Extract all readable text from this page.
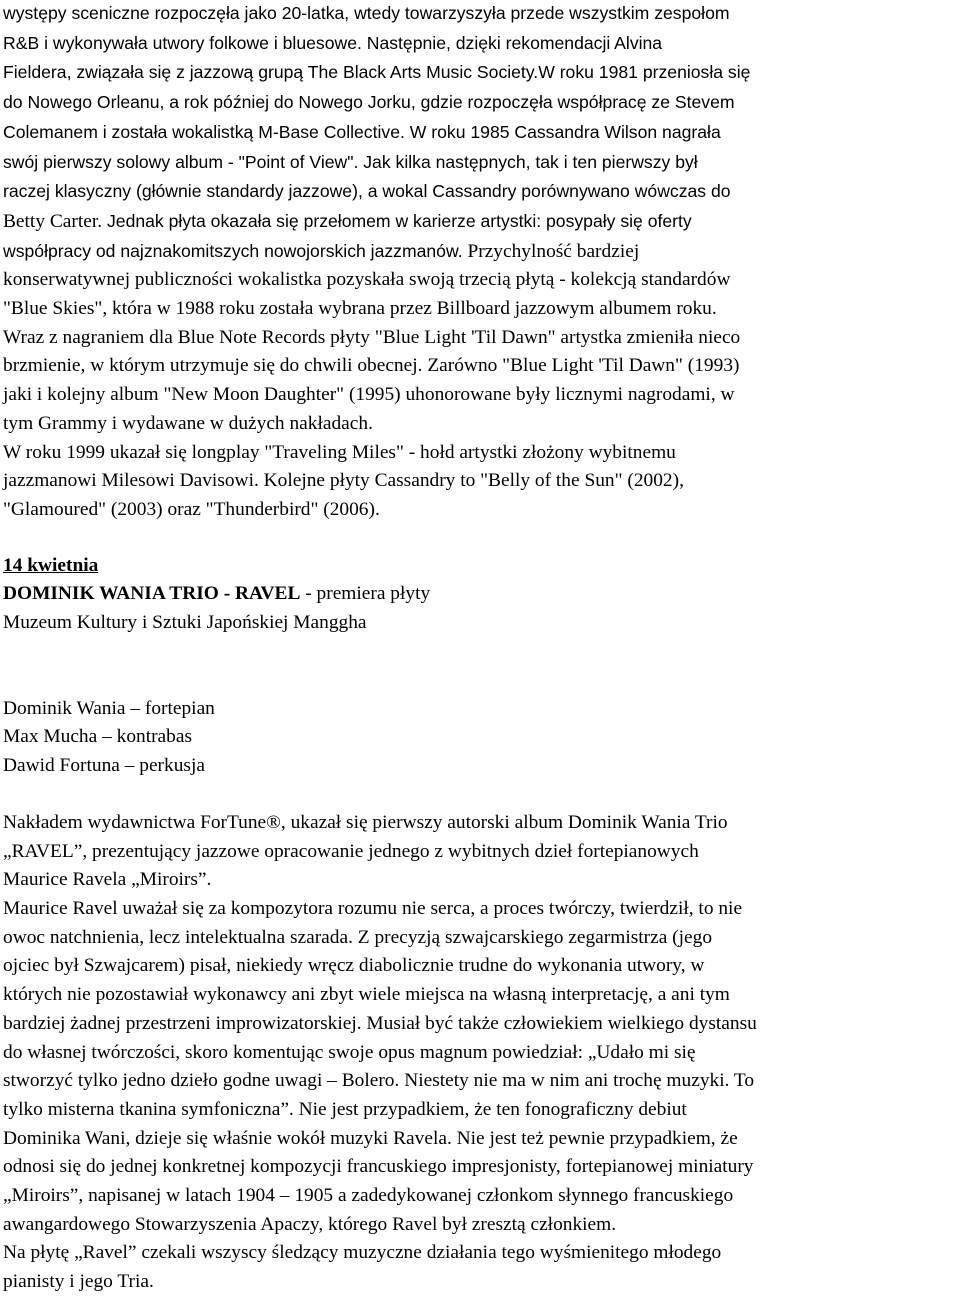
występy sceniczne rozpoczęła jako 20-latka, wtedy towarzyszyła przede wszystkim zespołom

R&B i wykonywała utwory folkowe i bluesowe. Następnie, dzięki rekomendacji Alvina

Fieldera, związała się z jazzową grupą The Black Arts Music Society.W roku 1981 przeniosła się

do Nowego Orleanu, a rok później do Nowego Jorku, gdzie rozpoczęła współpracę ze Stevem

Colemanem i została wokalistką M-Base Collective. W roku 1985 Cassandra Wilson nagrała

swój pierwszy solowy album - "Point of View". Jak kilka następnych, tak i ten pierwszy był

raczej klasyczny (głównie standardy jazzowe), a wokal Cassandry porównywano wówczas do

Betty Carter. Jednak płyta okazała się przełomem w karierze artystki: posypały się oferty

współpracy od najznakomitszych nowojorskich jazzmanów. Przychylność bardziej

konserwatywnej publiczności wokalistka pozyskała swoją trzecią płytą - kolekcją standardów

"Blue Skies", która w 1988 roku została wybrana przez Billboard jazzowym albumem roku.

Wraz z nagraniem dla Blue Note Records płyty "Blue Light 'Til Dawn" artystka zmieniła nieco

brzmienie, w którym utrzymuje się do chwili obecnej. Zarówno "Blue Light 'Til Dawn" (1993)

jaki i kolejny album "New Moon Daughter" (1995) uhonorowane były licznymi nagrodami, w

tym Grammy i wydawane w dużych nakładach.

W roku 1999 ukazał się longplay "Traveling Miles" - hołd artystki złożony wybitnemu

jazzmanowi Milesowi Davisowi. Kolejne płyty Cassandry to "Belly of the Sun" (2002),

"Glamoured" (2003) oraz "Thunderbird" (2006).

14 kwietnia

DOMINIK WANIA TRIO - RAVEL - premiera płyty

Muzeum Kultury i Sztuki Japońskiej Manggha

Dominik Wania – fortepian

Max Mucha – kontrabas

Dawid Fortuna – perkusja

Nakładem wydawnictwa ForTune®, ukazał się pierwszy autorski album Dominik Wania Trio

„RAVEL”, prezentujący jazzowe opracowanie jednego z wybitnych dzieł fortepianowych

Maurice Ravela „Miroirs”.

Maurice Ravel uważał się za kompozytora rozumu nie serca, a proces twórczy, twierdził, to nie

owoc natchnienia, lecz intelektualna szarada. Z precyzją szwajcarskiego zegarmistrza (jego

ojciec był Szwajcarem) pisał, niekiedy wręcz diabolicznie trudne do wykonania utwory, w

których nie pozostawiał wykonawcy ani zbyt wiele miejsca na własną interpretację, a ani tym

bardziej żadnej przestrzeni improwizatorskiej. Musiał być także człowiekiem wielkiego dystansu

do własnej twórczości, skoro komentując swoje opus magnum powiedział: „Udało mi się

stworzyć tylko jedno dzieło godne uwagi – Bolero. Niestety nie ma w nim ani trochę muzyki. To

tylko misterna tkanina symfoniczna”. Nie jest przypadkiem, że ten fonograficzny debiut

Dominika Wani, dzieje się właśnie wokół muzyki Ravela. Nie jest też pewnie przypadkiem, że

odnosi się do jednej konkretnej kompozycji francuskiego impresjonisty, fortepianowej miniatury

„Miroirs”, napisanej w latach 1904 – 1905 a zadedykowanej członkom słynnego francuskiego

awangardowego Stowarzyszenia Apaczy, którego Ravel był zresztą członkiem.

Na płytę „Ravel” czekali wszyscy śledzący muzyczne działania tego wyśmienitego młodego

pianisty i jego Tria.
